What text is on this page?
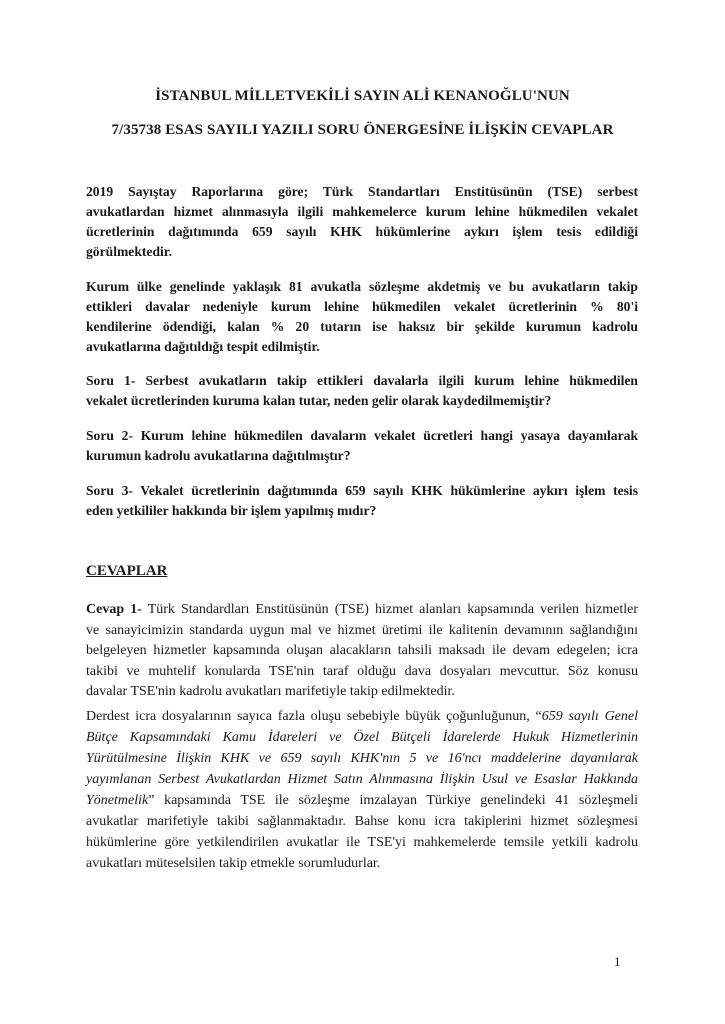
İSTANBUL MİLLETVEKİLİ SAYIN ALİ KENANOĞLU'NUN
7/35738 ESAS SAYILI YAZILI SORU ÖNERGESİNE İLİŞKİN CEVAPLAR
2019 Sayıştay Raporlarına göre; Türk Standartları Enstitüsünün (TSE) serbest
avukatlardan hizmet alınmasıyla ilgili mahkemelerce kurum lehine hükmedilen vekalet
ücretlerinin dağıtımında 659 sayılı KHK hükümlerine aykırı işlem tesis edildiği
görülmektedir.
Kurum ülke genelinde yaklaşık 81 avukatla sözleşme akdetmiş ve bu avukatların takip
ettikleri davalar nedeniyle kurum lehine hükmedilen vekalet ücretlerinin % 80'i
kendilerine ödendiği, kalan % 20 tutarın ise haksız bir şekilde kurumun kadrolu
avukatlarına dağıtıldığı tespit edilmiştir.
Soru 1- Serbest avukatların takip ettikleri davalarla ilgili kurum lehine hükmedilen
vekalet ücretlerinden kuruma kalan tutar, neden gelir olarak kaydedilmemiştir?
Soru 2- Kurum lehine hükmedilen davaların vekalet ücretleri hangi yasaya dayanılarak
kurumun kadrolu avukatlarına dağıtılmıştır?
Soru 3- Vekalet ücretlerinin dağıtımında 659 sayılı KHK hükümlerine aykırı işlem tesis
eden yetkililer hakkında bir işlem yapılmış mıdır?
CEVAPLAR
Cevap 1- Türk Standardları Enstitüsünün (TSE) hizmet alanları kapsamında verilen hizmetler
ve sanayicimizin standarda uygun mal ve hizmet üretimi ile kalitenin devamının sağlandığını
belgeleyen hizmetler kapsamında oluşan alacakların tahsili maksadı ile devam edegelen; icra
takibi ve muhtelif konularda TSE'nin taraf olduğu dava dosyaları mevcuttur. Söz konusu
davalar TSE'nin kadrolu avukatları marifetiyle takip edilmektedir.
Derdest icra dosyalarının sayıca fazla oluşu sebebiyle büyük çoğunluğunun, “659 sayılı Genel
Bütçe Kapsamındaki Kamu İdareleri ve Özel Bütçeli İdarelerde Hukuk Hizmetlerinin
Yürütülmesine İlişkin KHK ve 659 sayılı KHK'nın 5 ve 16'ncı maddelerine dayanılarak
yayımlanan Serbest Avukatlardan Hizmet Satın Alınmasına İlişkin Usul ve Esaslar Hakkında
Yönetmelik” kapsamında TSE ile sözleşme imzalayan Türkiye genelindeki 41 sözleşmeli
avukatlar marifetiyle takibi sağlanmaktadır. Bahse konu icra takiplerini hizmet sözleşmesi
hükümlerine göre yetkilendirilen avukatlar ile TSE'yi mahkemelerde temsile yetkili kadrolu
avukatları müteselsilen takip etmekle sorumludurlar.
1
